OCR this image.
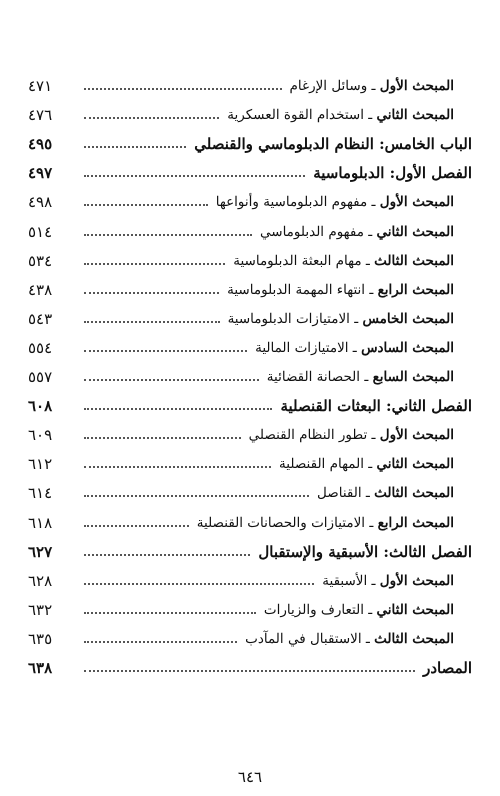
المبحث الأول ـ وسائل الإرغام
٤٧١
المبحث الثاني ـ استخدام القوة العسكرية
٤٧٦
الباب الخامس: النظام الدبلوماسي والقنصلي
٤٩٥
الفصل الأول: الدبلوماسية
٤٩٧
المبحث الأول ـ مفهوم الدبلوماسية وأنواعها
٤٩٨
المبحث الثاني ـ مفهوم الدبلوماسي
٥١٤
المبحث الثالث ـ مهام البعثة الدبلوماسية
٥٣٤
المبحث الرابع ـ انتهاء المهمة الدبلوماسية
٤٣٨
المبحث الخامس ـ الامتيازات الدبلوماسية
٥٤٣
المبحث السادس ـ الامتيازات المالية
٥٥٤
المبحث السابع ـ الحصانة القضائية
٥٥٧
الفصل الثاني: البعثات القنصلية
٦٠٨
المبحث الأول ـ تطور النظام القنصلي
٦٠٩
المبحث الثاني ـ المهام القنصلية
٦١٢
المبحث الثالث ـ القناصل
٦١٤
المبحث الرابع ـ الامتيازات والحصانات القنصلية
٦١٨
الفصل الثالث: الأسبقية والإستقبال
٦٢٧
المبحث الأول ـ الأسبقية
٦٢٨
المبحث الثاني ـ التعارف والزيارات
٦٣٢
المبحث الثالث ـ الاستقبال في المآدب
٦٣٥
المصادر
٦٣٨
٦٤٦
